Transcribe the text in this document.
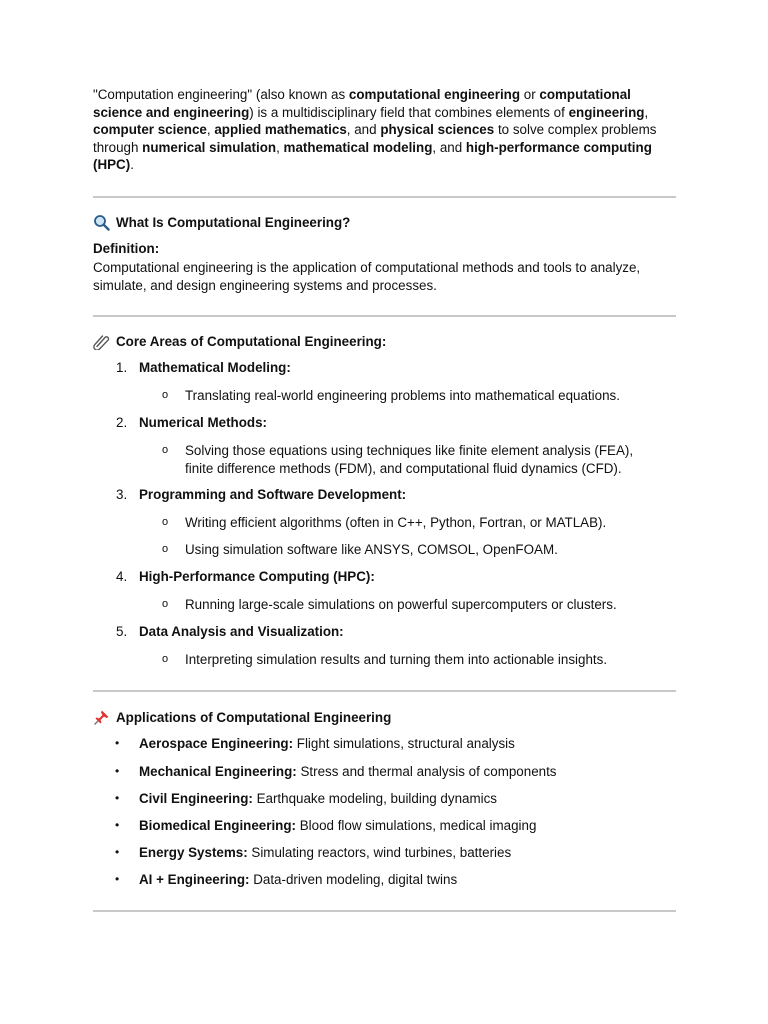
"Computation engineering" (also known as computational engineering or computational science and engineering) is a multidisciplinary field that combines elements of engineering, computer science, applied mathematics, and physical sciences to solve complex problems through numerical simulation, mathematical modeling, and high-performance computing (HPC).

What Is Computational Engineering?
Definition:

Computational engineering is the application of computational methods and tools to analyze, simulate, and design engineering systems and processes.

Core Areas of Computational Engineering:
1. Mathematical Modeling:
o Translating real-world engineering problems into mathematical equations.
2. Numerical Methods:
o Solving those equations using techniques like finite element analysis (FEA), finite difference methods (FDM), and computational fluid dynamics (CFD).
3. Programming and Software Development:
o Writing efficient algorithms (often in C++, Python, Fortran, or MATLAB).
o Using simulation software like ANSYS, COMSOL, OpenFOAM.
4. High-Performance Computing (HPC):
o Running large-scale simulations on powerful supercomputers or clusters.
5. Data Analysis and Visualization:
o Interpreting simulation results and turning them into actionable insights.
Applications of Computational Engineering
• Aerospace Engineering: Flight simulations, structural analysis
• Mechanical Engineering: Stress and thermal analysis of components
• Civil Engineering: Earthquake modeling, building dynamics
• Biomedical Engineering: Blood flow simulations, medical imaging
• Energy Systems: Simulating reactors, wind turbines, batteries
• AI + Engineering: Data-driven modeling, digital twins
